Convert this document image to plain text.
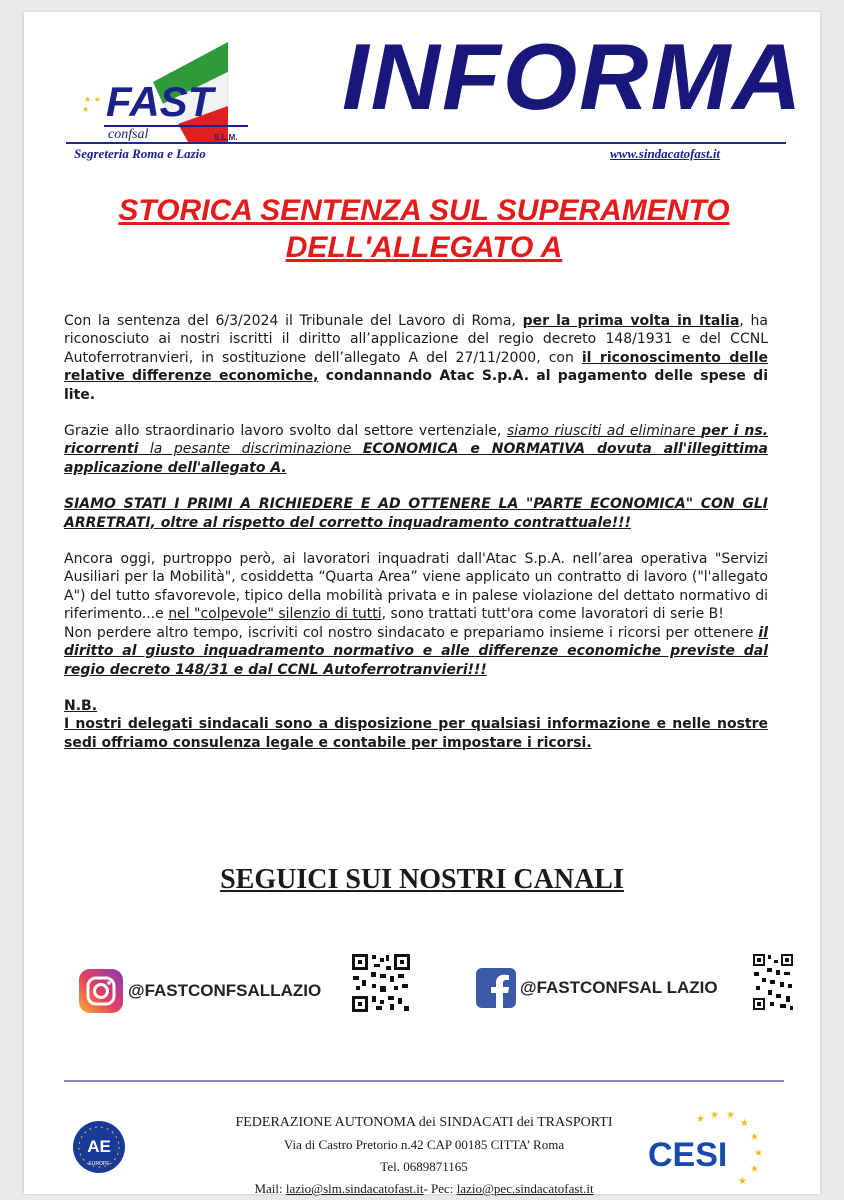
FAST
★ ★
★
confsal	S.L.M.
INFORMA
Segreteria Roma e Lazio	www.sindacatofast.it
STORICA SENTENZA SUL SUPERAMENTO
DELL'ALLEGATO A

Con la sentenza del 6/3/2024 il Tribunale del Lavoro di Roma, per la prima volta in Italia, ha riconosciuto ai nostri iscritti il diritto all’applicazione del regio decreto 148/1931 e del CCNL Autoferrotranvieri, in sostituzione dell’allegato A del 27/11/2000, con il riconoscimento delle relative differenze economiche, condannando Atac S.p.A. al pagamento delle spese di lite.

Grazie allo straordinario lavoro svolto dal settore vertenziale, siamo riusciti ad eliminare per i ns. ricorrenti la pesante discriminazione ECONOMICA e NORMATIVA dovuta all'illegittima applicazione dell'allegato A.

SIAMO STATI I PRIMI A RICHIEDERE E AD OTTENERE LA "PARTE ECONOMICA" CON GLI ARRETRATI, oltre al rispetto del corretto inquadramento contrattuale!!!

Ancora oggi, purtroppo però, ai lavoratori inquadrati dall'Atac S.p.A. nell’area operativa "Servizi Ausiliari per la Mobilità", cosiddetta “Quarta Area” viene applicato un contratto di lavoro ("l'allegato A") del tutto sfavorevole, tipico della mobilità privata e in palese violazione del dettato normativo di riferimento...e nel "colpevole" silenzio di tutti, sono trattati tutt'ora come lavoratori di serie B!

Non perdere altro tempo, iscriviti col nostro sindacato e prepariamo insieme i ricorsi per ottenere il diritto al giusto inquadramento normativo e alle differenze economiche previste dal regio decreto 148/31 e dal CCNL Autoferrotranvieri!!!

N.B.

I nostri delegati sindacali sono a disposizione per qualsiasi informazione e nelle nostre sedi offriamo consulenza legale e contabile per impostare i ricorsi.

SEGUICI SUI NOSTRI CANALI
@FASTCONFSALLAZIO	@FASTCONFSAL LAZIO
AE
EUROPE
FEDERAZIONE AUTONOMA dei SINDACATI dei TRASPORTI
Via di Castro Pretorio n.42 CAP 00185 CITTA’ Roma
Tel. 0689871165
Mail: lazio@slm.sindacatofast.it- Pec: lazio@pec.sindacatofast.it
★ ★
★
★
★
★
★
★
CESI
